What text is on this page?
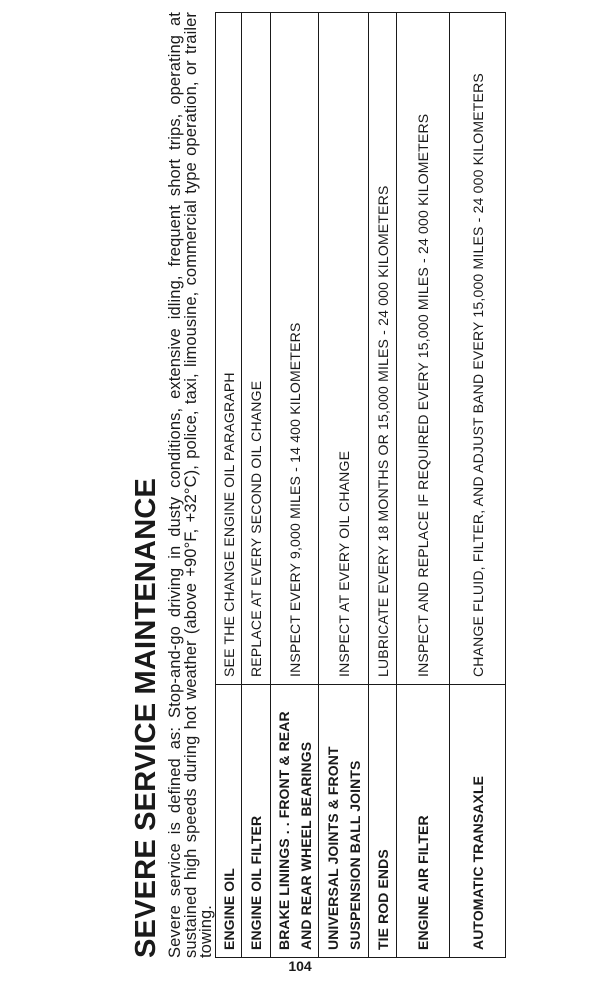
SEVERE SERVICE MAINTENANCE Severe service is defined as: Stop-and-go driving in dusty conditions, extensive idling, frequent short trips, operating at sustained high speeds during hot weather (above +90°F, +32°C), police, taxi, limousine, commercial type operation, or trailer towing. ENGINE OIL	SEE THE CHANGE ENGINE OIL PARAGRAPH
ENGINE OIL FILTER	REPLACE AT EVERY SECOND OIL CHANGE
BRAKE LININGS . . FRONT & REAR AND REAR WHEEL BEARINGS	INSPECT EVERY 9,000 MILES - 14 400 KILOMETERS
UNIVERSAL JOINTS & FRONT SUSPENSION BALL JOINTS	INSPECT AT EVERY OIL CHANGE
TIE ROD ENDS	LUBRICATE EVERY 18 MONTHS OR 15,000 MILES - 24 000 KILOMETERS
ENGINE AIR FILTER	INSPECT AND REPLACE IF REQUIRED EVERY 15,000 MILES - 24 000 KILOMETERS
AUTOMATIC TRANSAXLE	CHANGE FLUID, FILTER, AND ADJUST BAND EVERY 15,000 MILES - 24 000 KILOMETERS
104
